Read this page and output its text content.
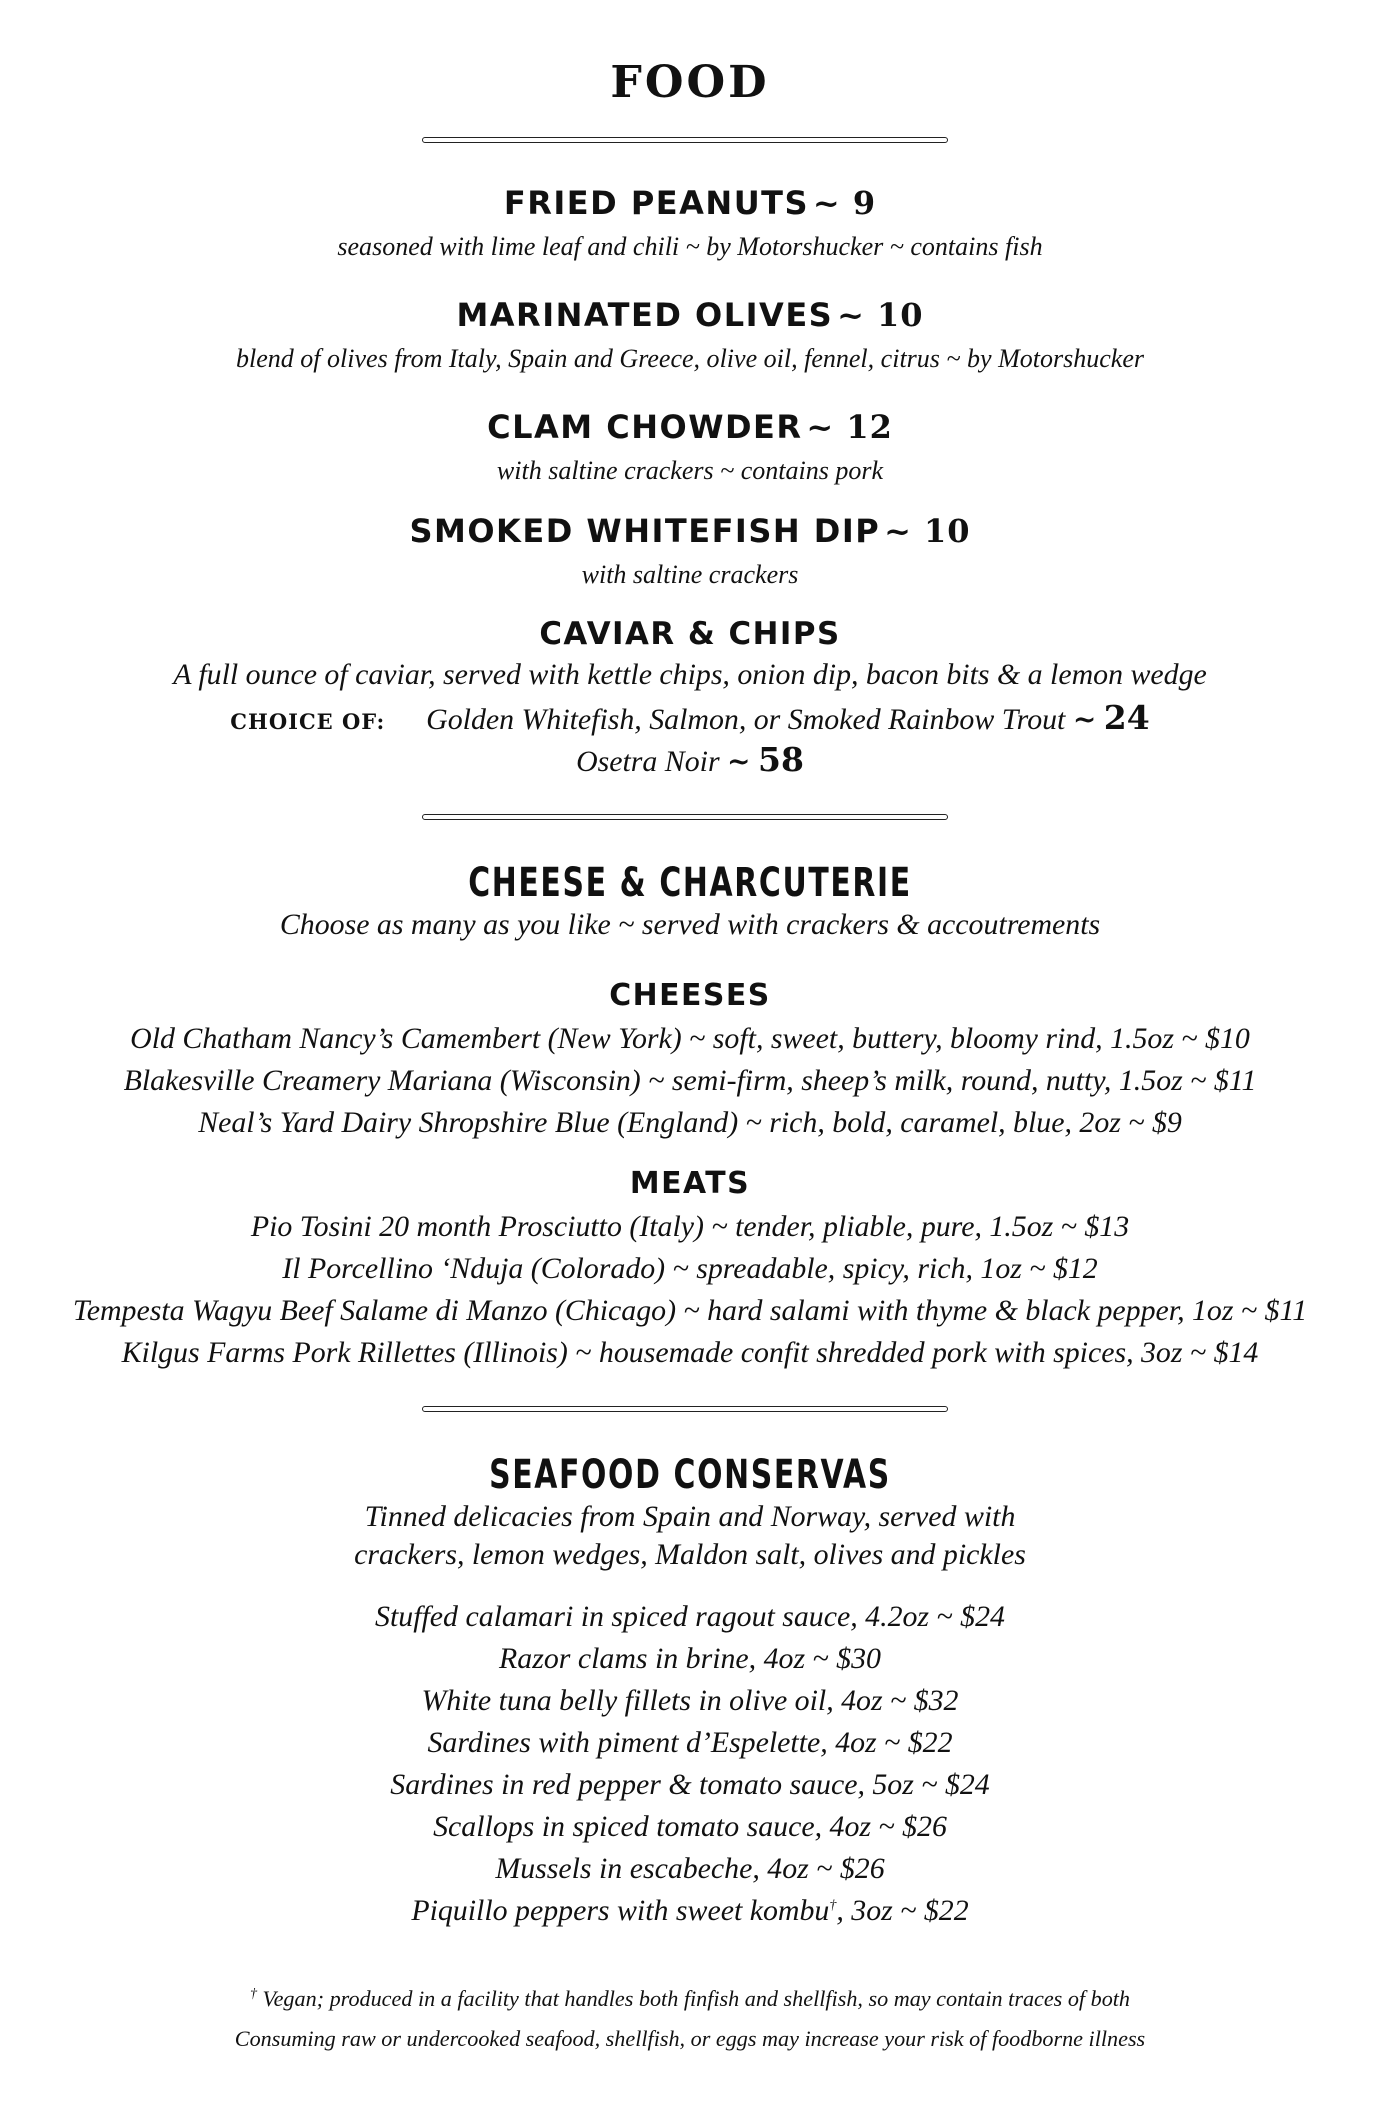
FOOD
FRIED PEANUTS ~ 9
seasoned with lime leaf and chili ~ by Motorshucker ~ contains fish
MARINATED OLIVES ~ 10
blend of olives from Italy, Spain and Greece, olive oil, fennel, citrus ~ by Motorshucker
CLAM CHOWDER ~ 12
with saltine crackers ~ contains pork
SMOKED WHITEFISH DIP ~ 10
with saltine crackers
CAVIAR & CHIPS
A full ounce of caviar, served with kettle chips, onion dip, bacon bits & a lemon wedge
CHOICE OF: Golden Whitefish, Salmon, or Smoked Rainbow Trout ~ 24
Osetra Noir ~ 58
CHEESE & CHARCUTERIE
Choose as many as you like ~ served with crackers & accoutrements
CHEESES
Old Chatham Nancy’s Camembert (New York) ~ soft, sweet, buttery, bloomy rind, 1.5oz ~ $10
Blakesville Creamery Mariana (Wisconsin) ~ semi-firm, sheep’s milk, round, nutty, 1.5oz ~ $11
Neal’s Yard Dairy Shropshire Blue (England) ~ rich, bold, caramel, blue, 2oz ~ $9
MEATS
Pio Tosini 20 month Prosciutto (Italy) ~ tender, pliable, pure, 1.5oz ~ $13
Il Porcellino ‘Nduja (Colorado) ~ spreadable, spicy, rich, 1oz ~ $12
Tempesta Wagyu Beef Salame di Manzo (Chicago) ~ hard salami with thyme & black pepper, 1oz ~ $11
Kilgus Farms Pork Rillettes (Illinois) ~ housemade confit shredded pork with spices, 3oz ~ $14
SEAFOOD CONSERVAS
Tinned delicacies from Spain and Norway, served with
crackers, lemon wedges, Maldon salt, olives and pickles
Stuffed calamari in spiced ragout sauce, 4.2oz ~ $24
Razor clams in brine, 4oz ~ $30
White tuna belly fillets in olive oil, 4oz ~ $32
Sardines with piment d’Espelette, 4oz ~ $22
Sardines in red pepper & tomato sauce, 5oz ~ $24
Scallops in spiced tomato sauce, 4oz ~ $26
Mussels in escabeche, 4oz ~ $26
Piquillo peppers with sweet kombu†, 3oz ~ $22
† Vegan; produced in a facility that handles both finfish and shellfish, so may contain traces of both
Consuming raw or undercooked seafood, shellfish, or eggs may increase your risk of foodborne illness
